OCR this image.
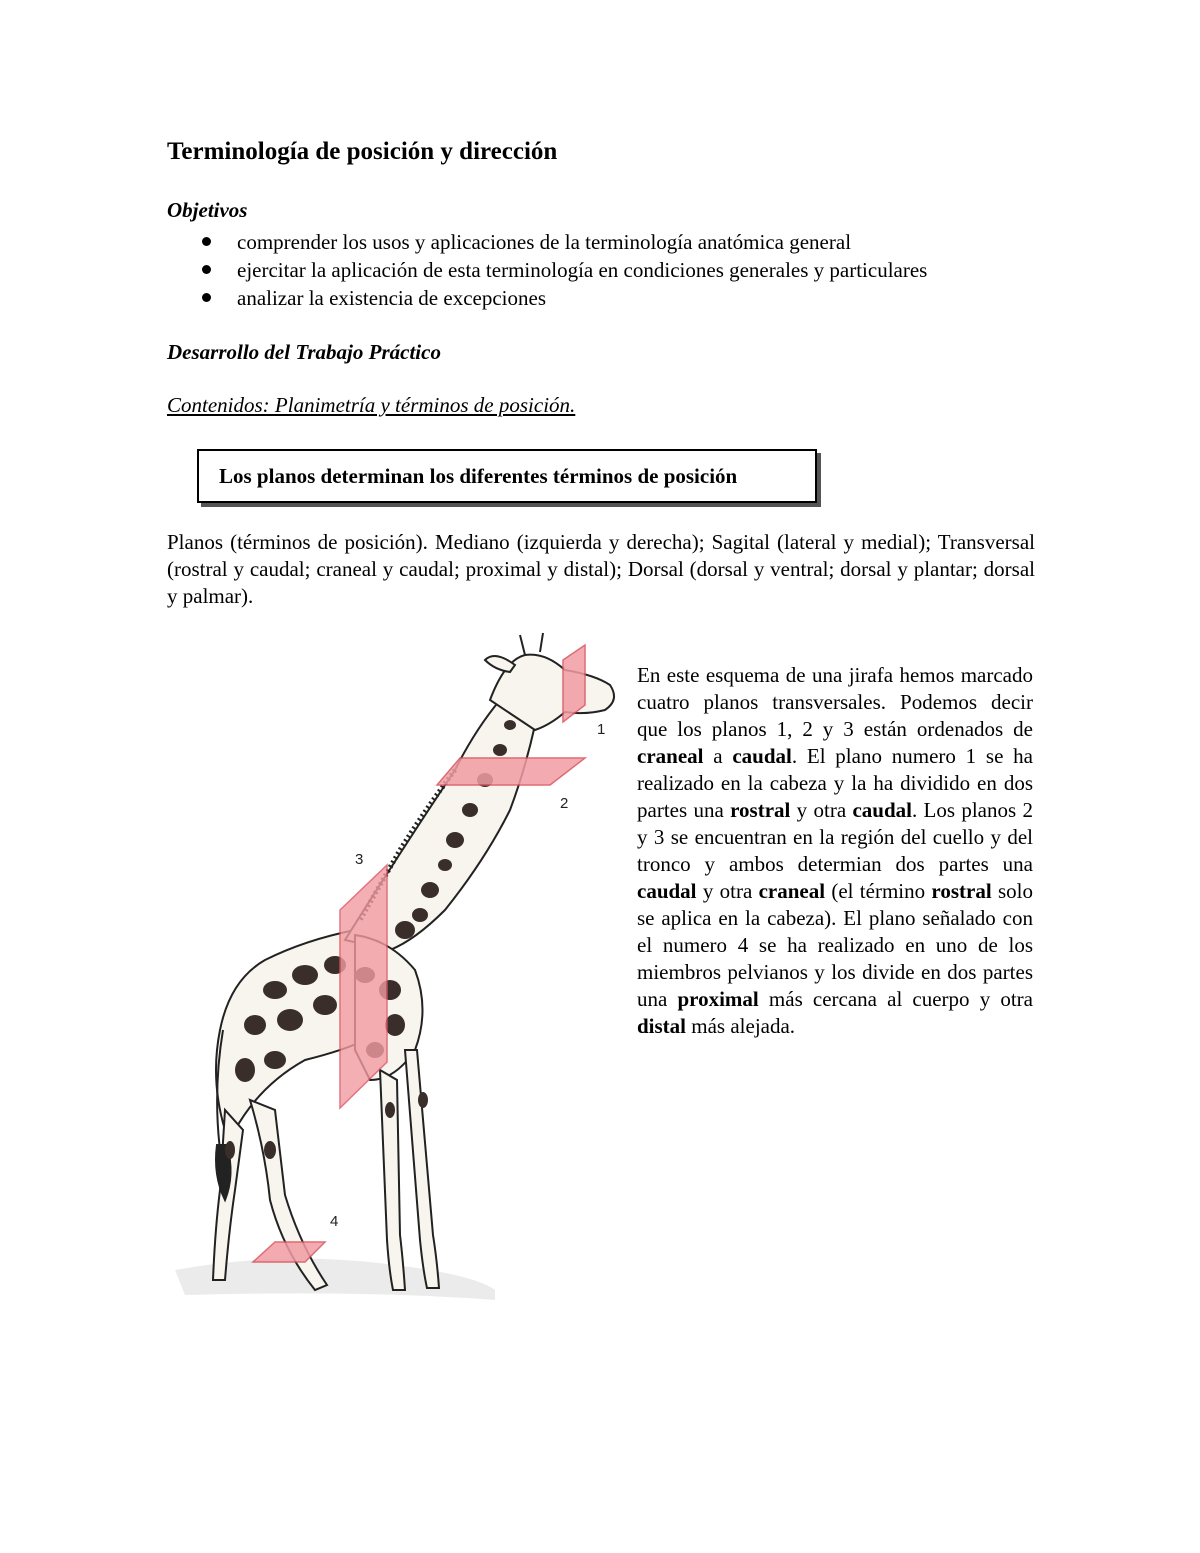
Terminología de posición y dirección
Objetivos
comprender los usos y aplicaciones de la terminología anatómica general
ejercitar la aplicación de esta terminología en condiciones generales y particulares
analizar la existencia de excepciones
Desarrollo del Trabajo Práctico

Contenidos: Planimetría y términos de posición.

Los planos determinan los diferentes términos de posición

Planos (términos de posición). Mediano (izquierda y derecha); Sagital (lateral y medial); Transversal (rostral y caudal; craneal y caudal; proximal y distal); Dorsal (dorsal y ventral; dorsal y plantar; dorsal y palmar).

1
2
3
4

En este esquema de una jirafa hemos marcado cuatro planos transversales. Podemos decir que los planos 1, 2 y 3 están ordenados de craneal a caudal. El plano numero 1 se ha realizado en la cabeza y la ha dividido en dos partes una rostral y otra caudal. Los planos 2 y 3 se encuentran en la región del cuello y del tronco y ambos determian dos partes una caudal y otra craneal (el término rostral solo se aplica en la cabeza). El plano señalado con el numero 4 se ha realizado en uno de los miembros pelvianos y los divide en dos partes una proximal más cercana al cuerpo y otra distal más alejada.
